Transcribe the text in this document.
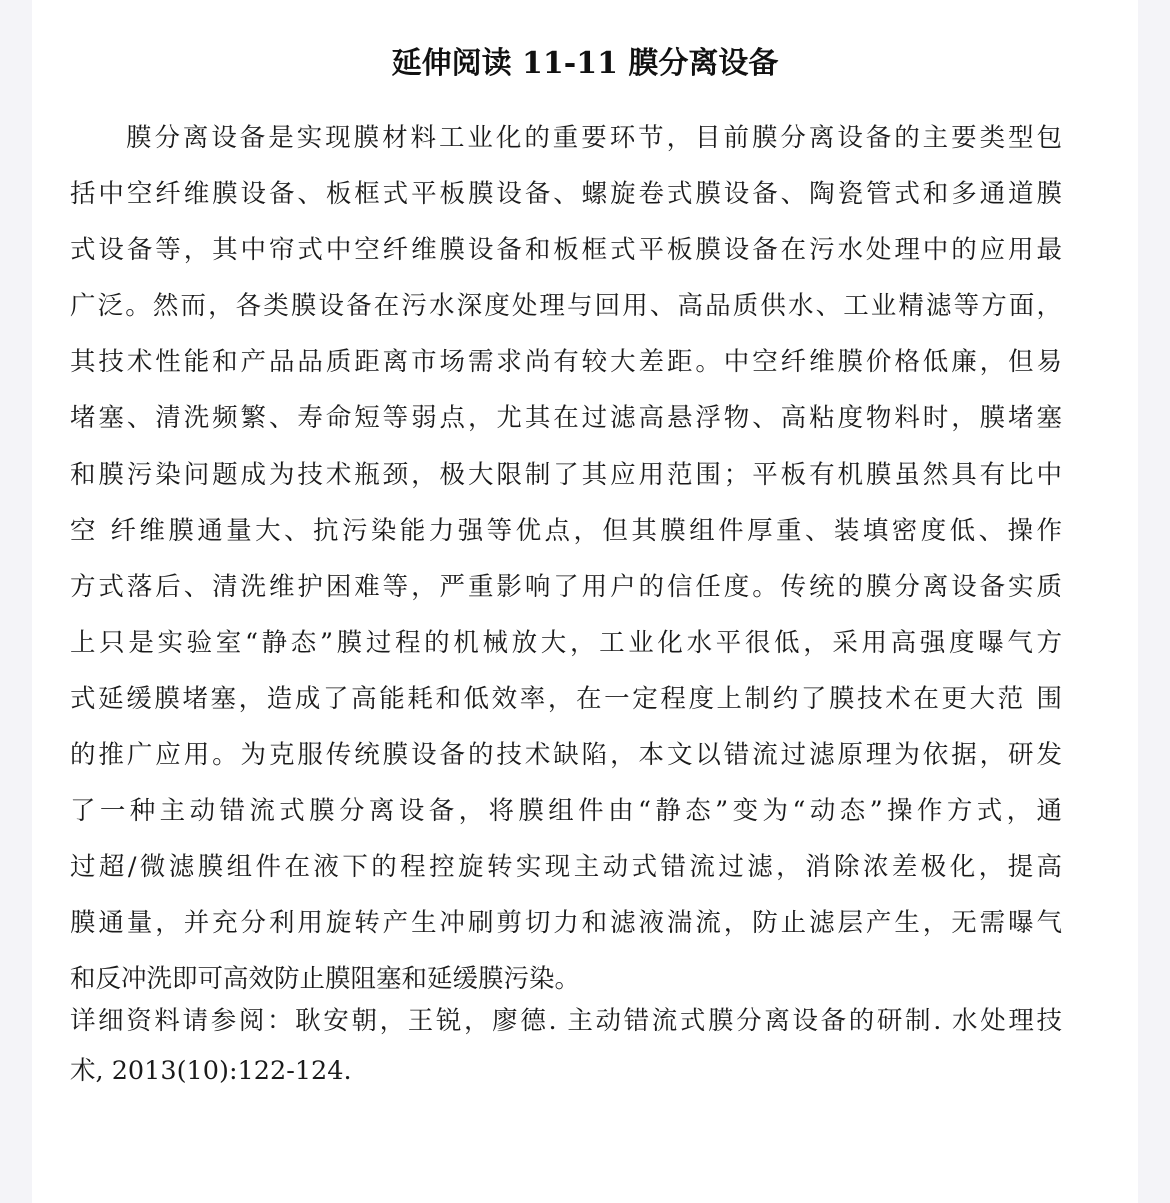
延伸阅读 11-11 膜分离设备
膜分离设备是实现膜材料工业化的重要环节，目前膜分离设备的主要类型包
括中空纤维膜设备、板框式平板膜设备、螺旋卷式膜设备、陶瓷管式和多通道膜
式设备等，其中帘式中空纤维膜设备和板框式平板膜设备在污水处理中的应用最
广泛。然而，各类膜设备在污水深度处理与回用、高品质供水、工业精滤等方面，
其技术性能和产品品质距离市场需求尚有较大差距。中空纤维膜价格低廉，但易
堵塞、清洗频繁、寿命短等弱点，尤其在过滤高悬浮物、高粘度物料时，膜堵塞
和膜污染问题成为技术瓶颈，极大限制了其应用范围；平板有机膜虽然具有比中
空 纤维膜通量大、抗污染能力强等优点，但其膜组件厚重、装填密度低、操作
方式落后、清洗维护困难等，严重影响了用户的信任度。传统的膜分离设备实质
上只是实验室“静态”膜过程的机械放大，工业化水平很低，采用高强度曝气方
式延缓膜堵塞，造成了高能耗和低效率，在一定程度上制约了膜技术在更大范 围
的推广应用。为克服传统膜设备的技术缺陷，本文以错流过滤原理为依据，研发
了一种主动错流式膜分离设备，将膜组件由“静态”变为“动态”操作方式，通
过超/微滤膜组件在液下的程控旋转实现主动式错流过滤，消除浓差极化，提高
膜通量，并充分利用旋转产生冲刷剪切力和滤液湍流，防止滤层产生，无需曝气
和反冲洗即可高效防止膜阻塞和延缓膜污染。
详细资料请参阅：耿安朝，王锐，廖德. 主动错流式膜分离设备的研制. 水处理技
术, 2013(10):122-124.
